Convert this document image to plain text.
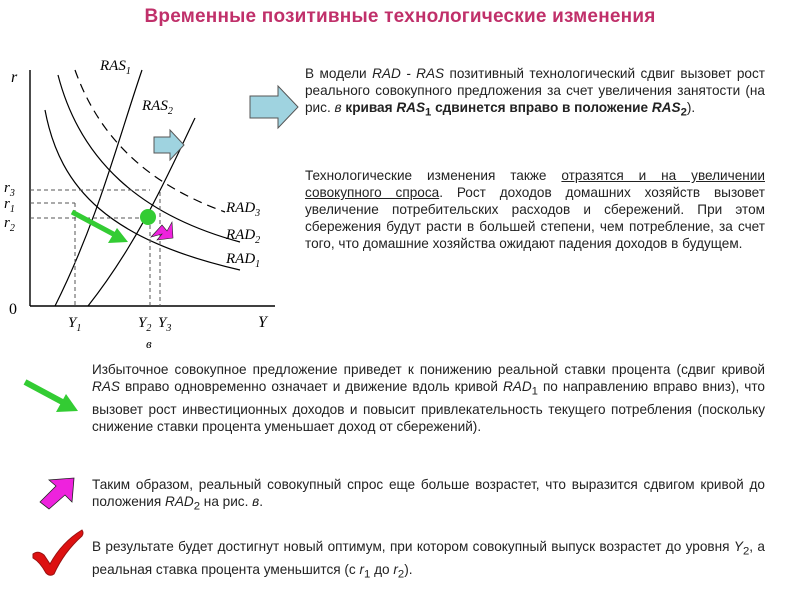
Временные позитивные технологические изменения
r
Y
0
$r_3$
$r_1$
$r_2$
$Y_1$	$Y_2$ $Y_3$
в
$RAS_1$
$RAS_2$
$RAD_3$
$RAD_2$
$RAD_1$
В модели RAD - RAS позитивный технологический сдвиг вызовет рост реального совокупного предложения за счет увеличения занятости (на рис. в кривая $RAS_1$ сдвинется вправо в положение $RAS_2$).
Технологические изменения также отразятся и на увеличении совокупного спроса. Рост доходов домашних хозяйств вызовет увеличение потребительских расходов и сбережений. При этом сбережения будут расти в большей степени, чем потребление, за счет того, что домашние хозяйства ожидают падения доходов в будущем.
Избыточное совокупное предложение приведет к понижению реальной ставки процента (сдвиг кривой RAS вправо одновременно означает и движение вдоль кривой $RAD_1$ по направлению вправо вниз), что вызовет рост инвестиционных доходов и повысит привлекательность текущего потребления (поскольку снижение ставки процента уменьшает доход от сбережений).
Таким образом, реальный совокупный спрос еще больше возрастет, что выразится сдвигом кривой до положения $RAD_2$ на рис. в.
В результате будет достигнут новый оптимум, при котором совокупный выпуск возрастет до уровня $Y_2$, а реальная ставка процента уменьшится (с $r_1$ до $r_2$).
